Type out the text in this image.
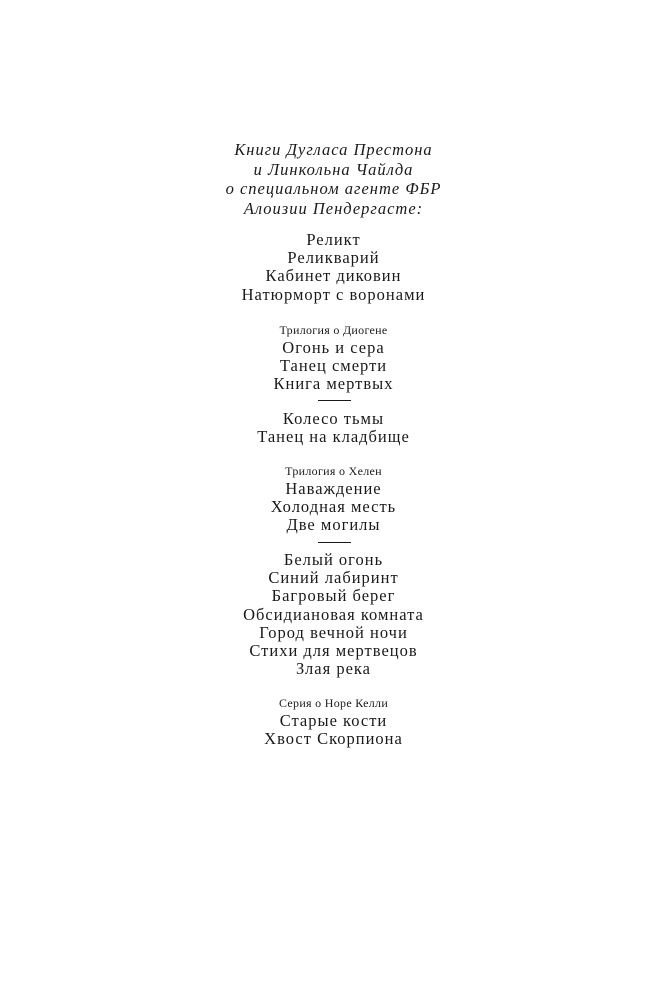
Книги Дугласа Престона
и Линкольна Чайлда
о специальном агенте ФБР
Алоизии Пендергасте:
Реликт
Реликварий
Кабинет диковин
Натюрморт с воронами
Трилогия о Диогене
Огонь и сера
Танец смерти
Книга мертвых
Колесо тьмы
Танец на кладбище
Трилогия о Хелен
Наваждение
Холодная месть
Две могилы
Белый огонь
Синий лабиринт
Багровый берег
Обсидиановая комната
Город вечной ночи
Стихи для мертвецов
Злая река
Серия о Норе Келли
Старые кости
Хвост Скорпиона
